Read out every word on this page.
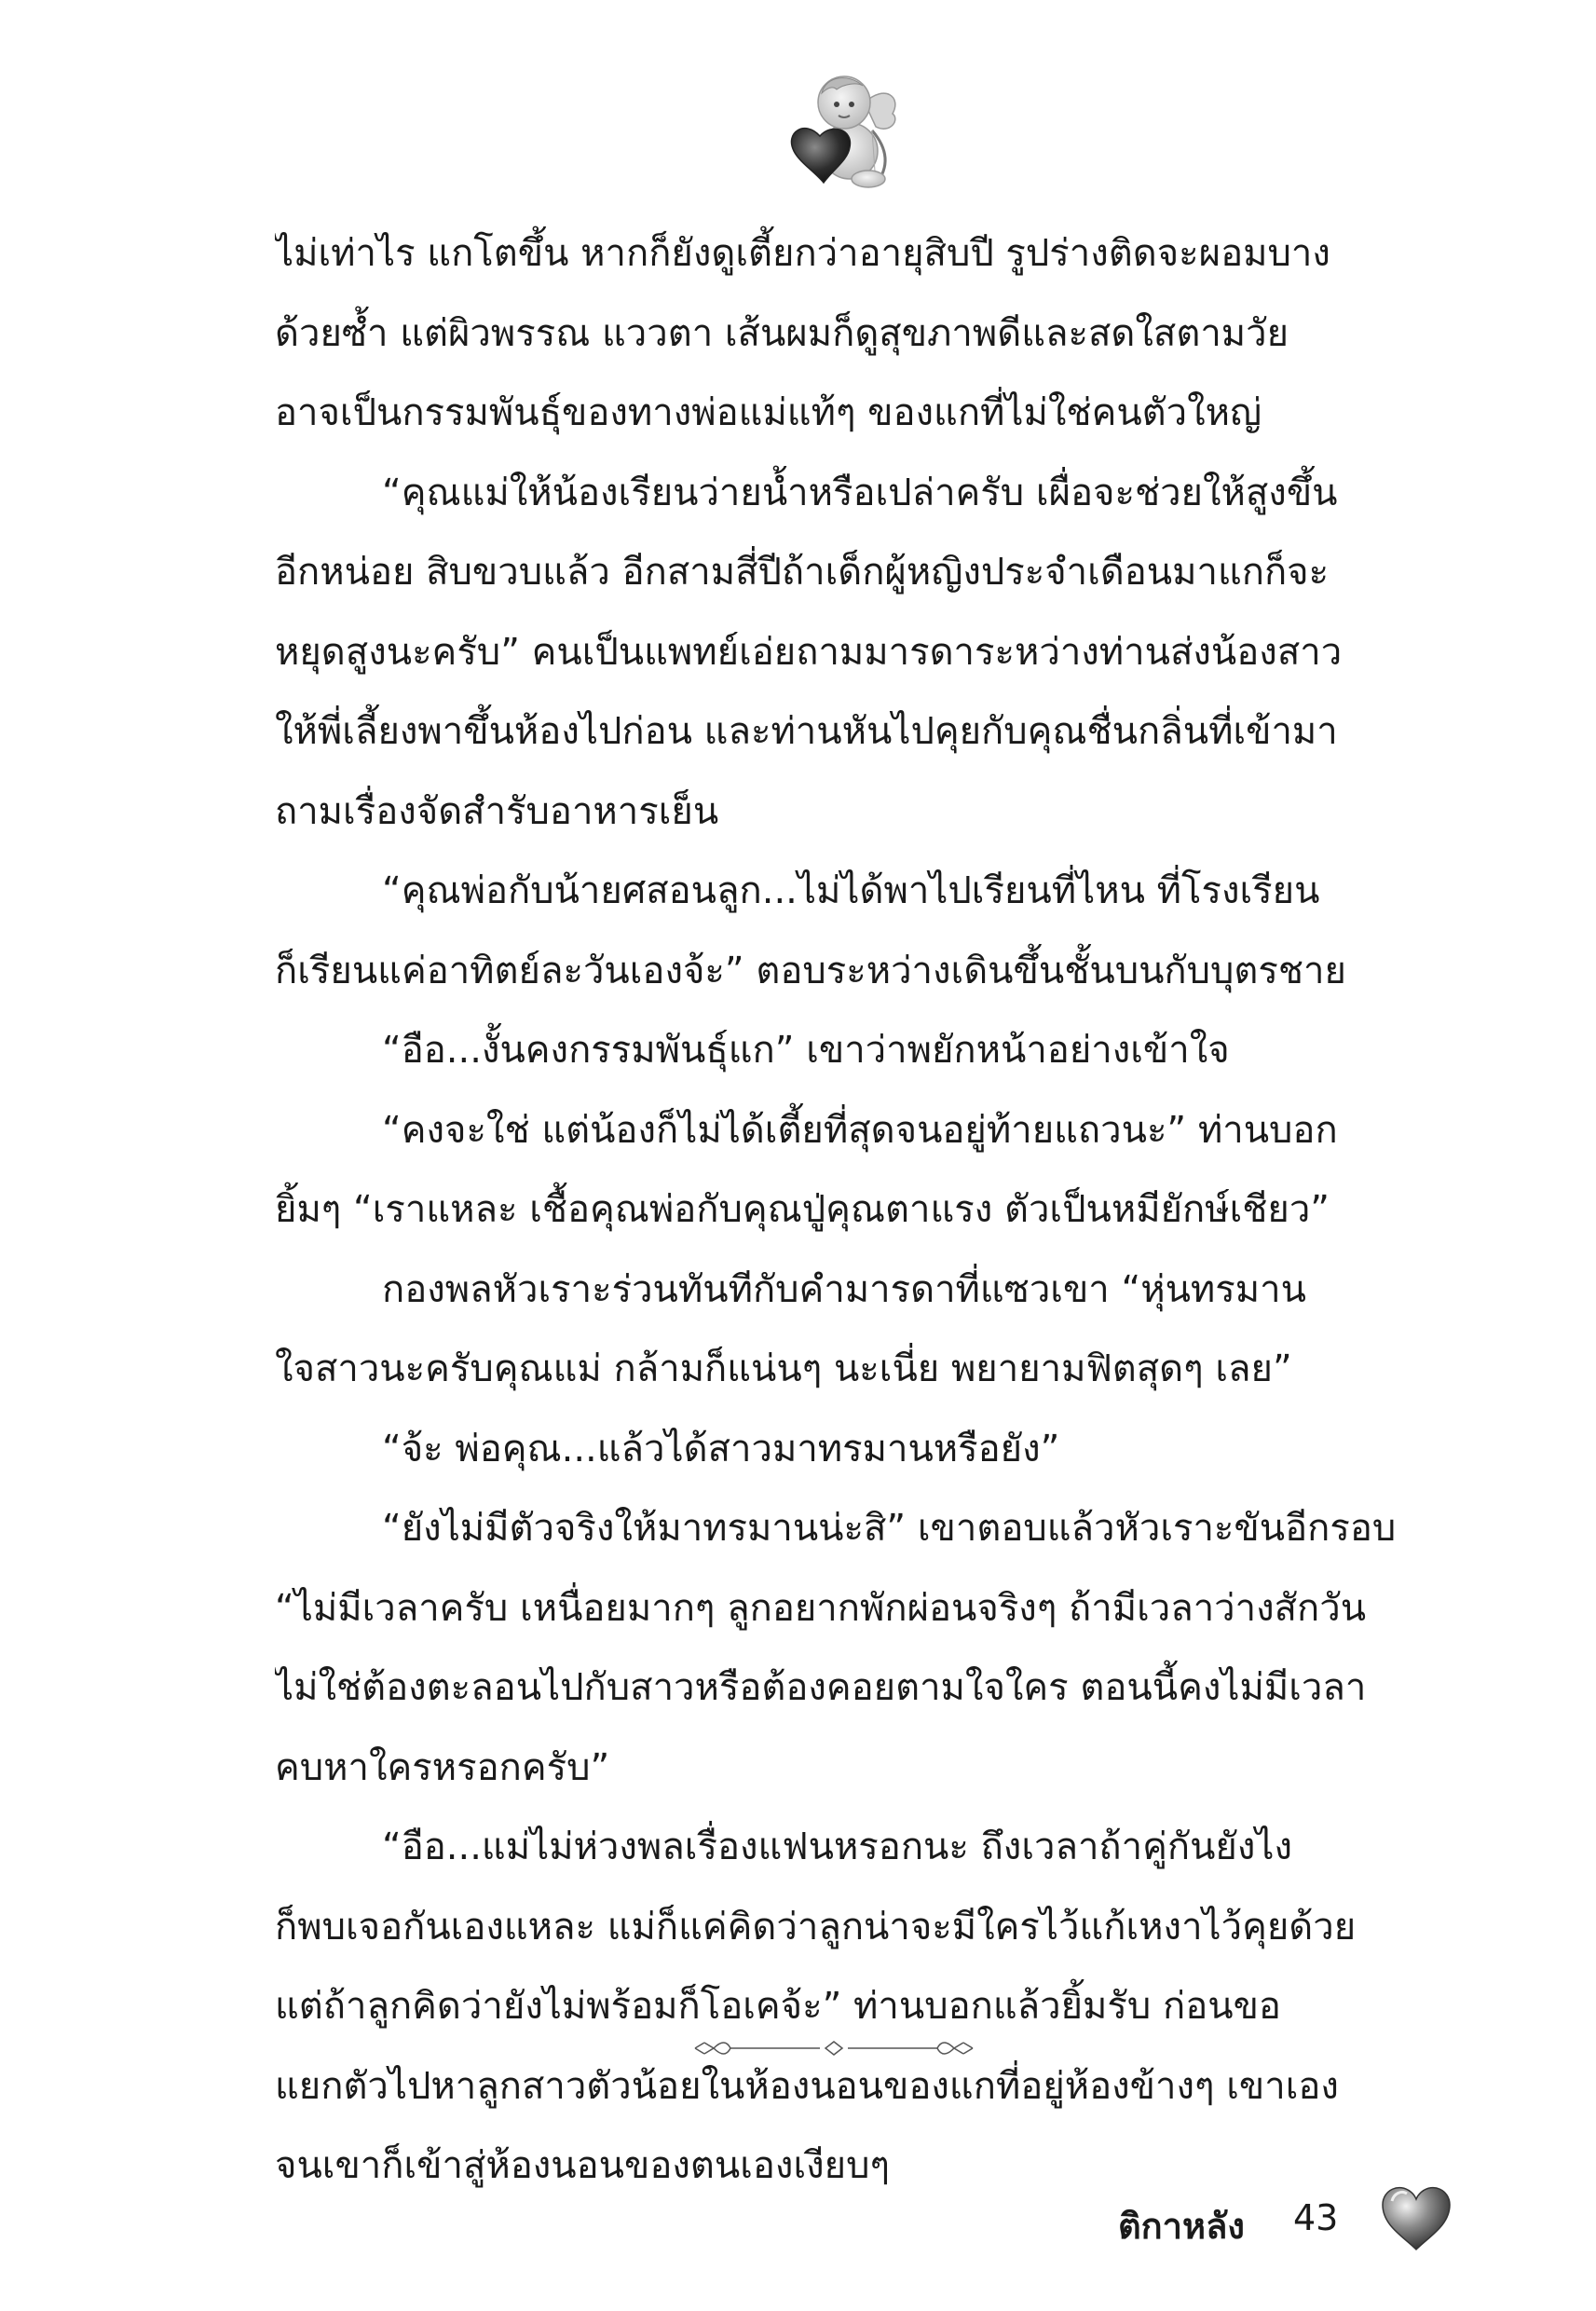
ไม่เท่าไร แกโตขึ้น หากก็ยังดูเตี้ยกว่าอายุสิบปี รูปร่างติดจะผอมบาง
ด้วยซ้ำ แต่ผิวพรรณ แววตา เส้นผมก็ดูสุขภาพดีและสดใสตามวัย
อาจเป็นกรรมพันธุ์ของทางพ่อแม่แท้ๆ ของแกที่ไม่ใช่คนตัวใหญ่
“คุณแม่ให้น้องเรียนว่ายน้ำหรือเปล่าครับ เผื่อจะช่วยให้สูงขึ้น
อีกหน่อย สิบขวบแล้ว อีกสามสี่ปีถ้าเด็กผู้หญิงประจำเดือนมาแกก็จะ
หยุดสูงนะครับ” คนเป็นแพทย์เอ่ยถามมารดาระหว่างท่านส่งน้องสาว
ให้พี่เลี้ยงพาขึ้นห้องไปก่อน และท่านหันไปคุยกับคุณชื่นกลิ่นที่เข้ามา
ถามเรื่องจัดสำรับอาหารเย็น
“คุณพ่อกับน้ายศสอนลูก...ไม่ได้พาไปเรียนที่ไหน ที่โรงเรียน
ก็เรียนแค่อาทิตย์ละวันเองจ้ะ” ตอบระหว่างเดินขึ้นชั้นบนกับบุตรชาย
“อือ...งั้นคงกรรมพันธุ์แก” เขาว่าพยักหน้าอย่างเข้าใจ
“คงจะใช่ แต่น้องก็ไม่ได้เตี้ยที่สุดจนอยู่ท้ายแถวนะ” ท่านบอก
ยิ้มๆ “เราแหละ เชื้อคุณพ่อกับคุณปู่คุณตาแรง ตัวเป็นหมียักษ์เชียว”
กองพลหัวเราะร่วนทันทีกับคำมารดาที่แซวเขา “หุ่นทรมาน
ใจสาวนะครับคุณแม่ กล้ามก็แน่นๆ นะเนี่ย พยายามฟิตสุดๆ เลย”
“จ้ะ พ่อคุณ...แล้วได้สาวมาทรมานหรือยัง”
“ยังไม่มีตัวจริงให้มาทรมานน่ะสิ” เขาตอบแล้วหัวเราะขันอีกรอบ
“ไม่มีเวลาครับ เหนื่อยมากๆ ลูกอยากพักผ่อนจริงๆ ถ้ามีเวลาว่างสักวัน
ไม่ใช่ต้องตะลอนไปกับสาวหรือต้องคอยตามใจใคร ตอนนี้คงไม่มีเวลา
คบหาใครหรอกครับ”
“อือ...แม่ไม่ห่วงพลเรื่องแฟนหรอกนะ ถึงเวลาถ้าคู่กันยังไง
ก็พบเจอกันเองแหละ แม่ก็แค่คิดว่าลูกน่าจะมีใครไว้แก้เหงาไว้คุยด้วย
แต่ถ้าลูกคิดว่ายังไม่พร้อมก็โอเคจ้ะ” ท่านบอกแล้วยิ้มรับ ก่อนขอ
แยกตัวไปหาลูกสาวตัวน้อยในห้องนอนของแกที่อยู่ห้องข้างๆ เขาเอง
จนเขาก็เข้าสู่ห้องนอนของตนเองเงียบๆ
ติกาหลัง 43
